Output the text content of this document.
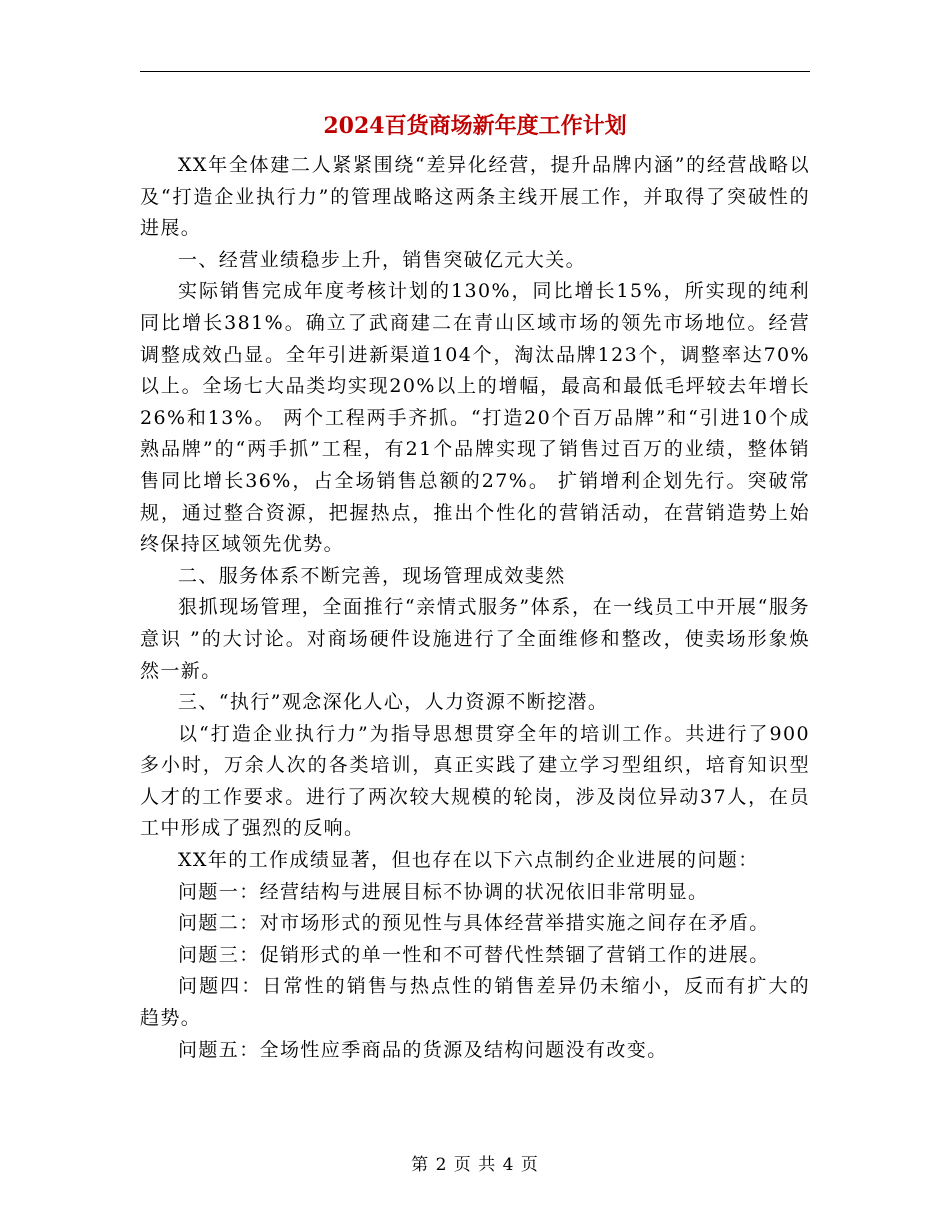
2024百货商场新年度工作计划

XX年全体建二人紧紧围绕“差异化经营，提升品牌内涵”的经营战略以及“打造企业执行力”的管理战略这两条主线开展工作，并取得了突破性的进展。

一、经营业绩稳步上升，销售突破亿元大关。

实际销售完成年度考核计划的130%，同比增长15%，所实现的纯利同比增长381%。确立了武商建二在青山区域市场的领先市场地位。经营调整成效凸显。全年引进新渠道104个，淘汰品牌123个，调整率达70%以上。全场七大品类均实现20%以上的增幅，最高和最低毛坪较去年增长 26%和13%。 两个工程两手齐抓。“打造20个百万品牌”和“引进10个成熟品牌”的“两手抓”工程，有21个品牌实现了销售过百万的业绩，整体销售同比增长36%，占全场销售总额的27%。 扩销增利企划先行。突破常规，通过整合资源，把握热点，推出个性化的营销活动，在营销造势上始终保持区域领先优势。

二、服务体系不断完善，现场管理成效斐然

狠抓现场管理，全面推行“亲情式服务”体系，在一线员工中开展“服务意识 ”的大讨论。对商场硬件设施进行了全面维修和整改，使卖场形象焕然一新。

三、“执行”观念深化人心，人力资源不断挖潜。

以“打造企业执行力”为指导思想贯穿全年的培训工作。共进行了900多小时，万余人次的各类培训，真正实践了建立学习型组织，培育知识型人才的工作要求。进行了两次较大规模的轮岗，涉及岗位异动37人，在员工中形成了强烈的反响。

XX年的工作成绩显著，但也存在以下六点制约企业进展的问题：

问题一：经营结构与进展目标不协调的状况依旧非常明显。

问题二：对市场形式的预见性与具体经营举措实施之间存在矛盾。

问题三：促销形式的单一性和不可替代性禁锢了营销工作的进展。

问题四：日常性的销售与热点性的销售差异仍未缩小，反而有扩大的趋势。

问题五：全场性应季商品的货源及结构问题没有改变。

第 2 页 共 4 页
